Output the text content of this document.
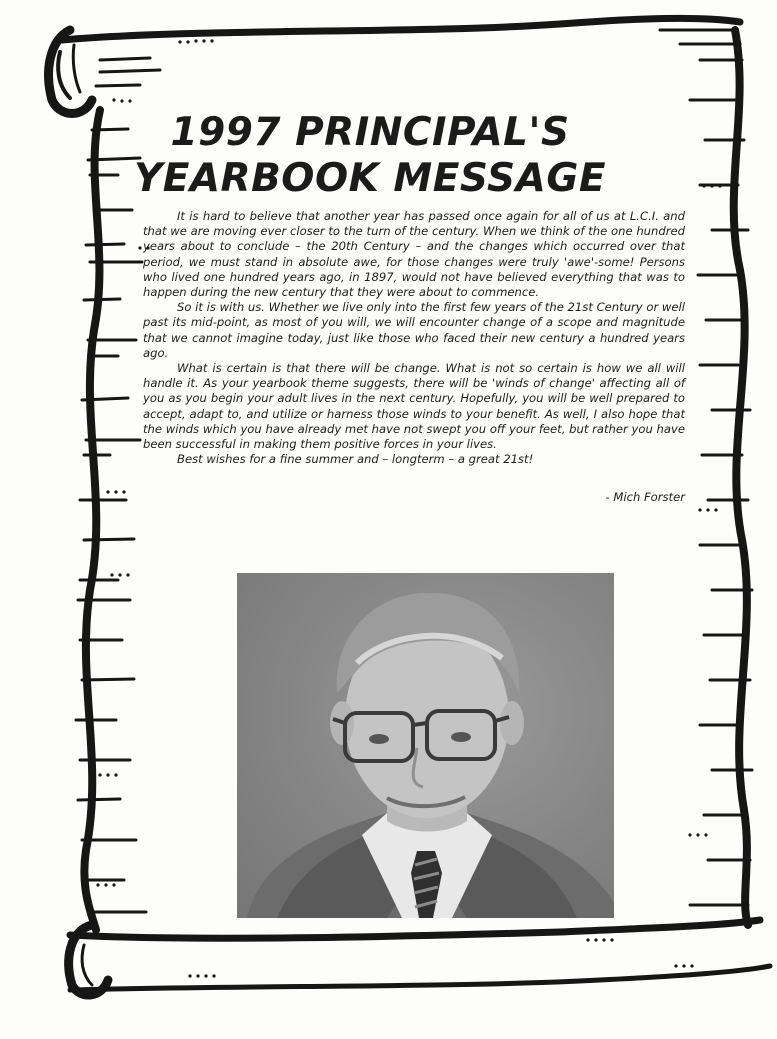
1997 PRINCIPAL'S
YEARBOOK MESSAGE

It is hard to believe that another year has passed once again for all of us at L.C.I. and that we are moving ever closer to the turn of the century. When we think of the one hundred years about to conclude – the 20th Century – and the changes which occurred over that period, we must stand in absolute awe, for those changes were truly 'awe'-some! Persons who lived one hundred years ago, in 1897, would not have believed everything that was to happen during the new century that they were about to commence.

So it is with us. Whether we live only into the first few years of the 21st Century or well past its mid-point, as most of you will, we will encounter change of a scope and magnitude that we cannot imagine today, just like those who faced their new century a hundred years ago.

What is certain is that there will be change. What is not so certain is how we all will handle it. As your yearbook theme suggests, there will be 'winds of change' affecting all of you as you begin your adult lives in the next century. Hopefully, you will be well prepared to accept, adapt to, and utilize or harness those winds to your benefit. As well, I also hope that the winds which you have already met have not swept you off your feet, but rather you have been successful in making them positive forces in your lives.

Best wishes for a fine summer and – longterm – a great 21st!

- Mich Forster
